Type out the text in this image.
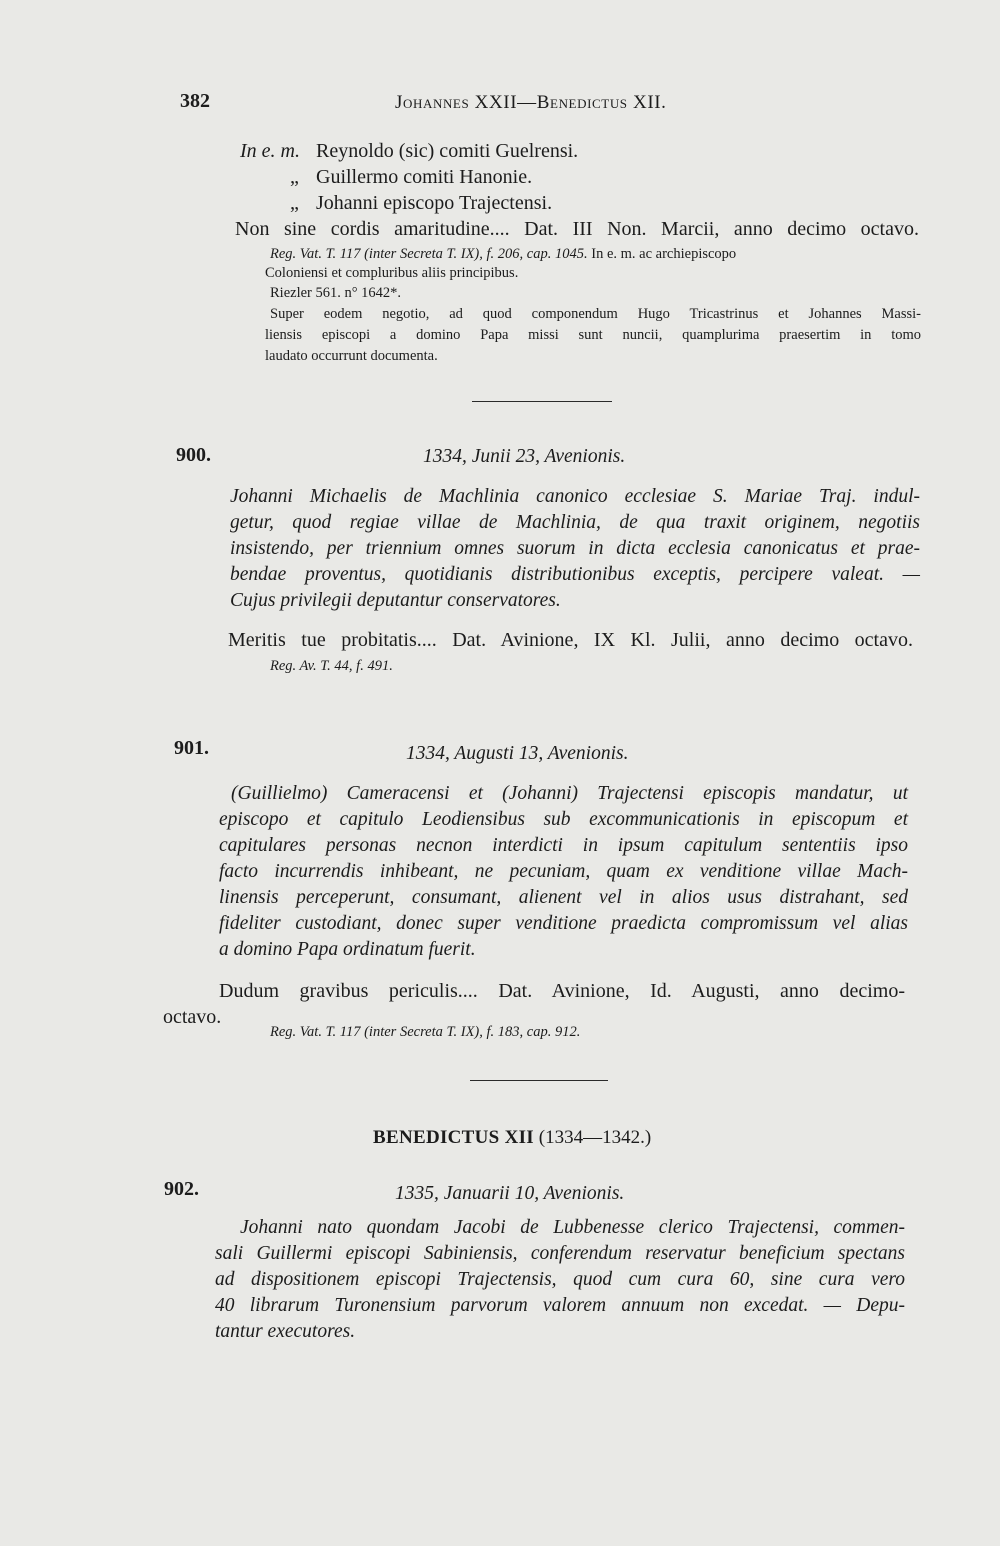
382	Johannes XXII—Benedictus XII.
In e. m. Reynoldo (sic) comiti Guelrensi.
„ Guillermo comiti Hanonie.
„ Johanni episcopo Trajectensi.
Non sine cordis amaritudine.... Dat. III Non. Marcii, anno decimo octavo.
Reg. Vat. T. 117 (inter Secreta T. IX), f. 206, cap. 1045. In e. m. ac archiepiscopo
Coloniensi et compluribus aliis principibus.
Riezler 561. n° 1642*.
Super eodem negotio, ad quod componendum Hugo Tricastrinus et Johannes Massi-
liensis episcopi a domino Papa missi sunt nuncii, quamplurima praesertim in tomo
laudato occurrunt documenta.
900.	1334, Junii 23, Avenionis.
Johanni Michaelis de Machlinia canonico ecclesiae S. Mariae Traj. indul-
getur, quod regiae villae de Machlinia, de qua traxit originem, negotiis
insistendo, per triennium omnes suorum in dicta ecclesia canonicatus et prae-
bendae proventus, quotidianis distributionibus exceptis, percipere valeat. —
Cujus privilegii deputantur conservatores.
Meritis tue probitatis.... Dat. Avinione, IX Kl. Julii, anno decimo octavo.
Reg. Av. T. 44, f. 491.
901.	1334, Augusti 13, Avenionis.
(Guillielmo) Cameracensi et (Johanni) Trajectensi episcopis mandatur, ut
episcopo et capitulo Leodiensibus sub excommunicationis in episcopum et
capitulares personas necnon interdicti in ipsum capitulum sententiis ipso
facto incurrendis inhibeant, ne pecuniam, quam ex venditione villae Mach-
linensis perceperunt, consumant, alienent vel in alios usus distrahant, sed
fideliter custodiant, donec super venditione praedicta compromissum vel alias
a domino Papa ordinatum fuerit.
Dudum gravibus periculis.... Dat. Avinione, Id. Augusti, anno decimo-
octavo.
Reg. Vat. T. 117 (inter Secreta T. IX), f. 183, cap. 912.
BENEDICTUS XII (1334—1342.)
902.	1335, Januarii 10, Avenionis.
Johanni nato quondam Jacobi de Lubbenesse clerico Trajectensi, commen-
sali Guillermi episcopi Sabiniensis, conferendum reservatur beneficium spectans
ad dispositionem episcopi Trajectensis, quod cum cura 60, sine cura vero
40 librarum Turonensium parvorum valorem annuum non excedat. — Depu-
tantur executores.
